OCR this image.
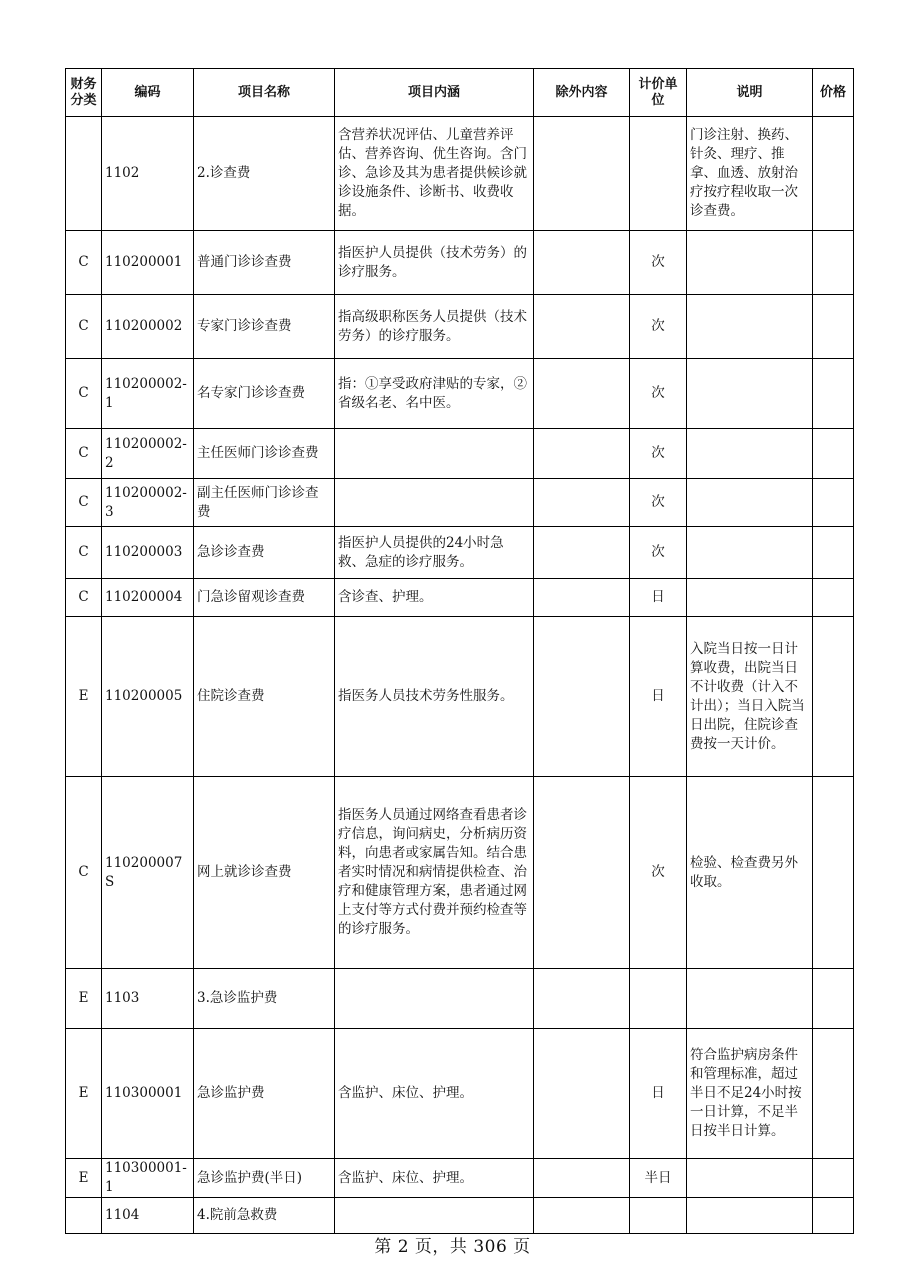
财务分类	编码	项目名称	项目内涵	除外内容	计价单位	说明	价格
	1102	2.诊查费	含营养状况评估、儿童营养评估、营养咨询、优生咨询。含门诊、急诊及其为患者提供候诊就诊设施条件、诊断书、收费收据。			门诊注射、换药、针灸、理疗、推拿、血透、放射治疗按疗程收取一次诊查费。	
C	110200001	普通门诊诊查费	指医护人员提供（技术劳务）的诊疗服务。		次		
C	110200002	专家门诊诊查费	指高级职称医务人员提供（技术劳务）的诊疗服务。		次		
C	110200002-1	名专家门诊诊查费	指：①享受政府津贴的专家，②省级名老、名中医。		次		
C	110200002-2	主任医师门诊诊查费			次		
C	110200002-3	副主任医师门诊诊查费			次		
C	110200003	急诊诊查费	指医护人员提供的24小时急救、急症的诊疗服务。		次		
C	110200004	门急诊留观诊查费	含诊查、护理。		日		
E	110200005	住院诊查费	指医务人员技术劳务性服务。		日	入院当日按一日计算收费，出院当日不计收费（计入不计出）；当日入院当日出院，住院诊查费按一天计价。	
C	110200007S	网上就诊诊查费	指医务人员通过网络查看患者诊疗信息，询问病史，分析病历资料，向患者或家属告知。结合患者实时情况和病情提供检查、治疗和健康管理方案，患者通过网上支付等方式付费并预约检查等的诊疗服务。		次	检验、检查费另外收取。	
E	1103	3.急诊监护费					
E	110300001	急诊监护费	含监护、床位、护理。		日	符合监护病房条件和管理标准，超过半日不足24小时按一日计算，不足半日按半日计算。	
E	110300001-1	急诊监护费(半日)	含监护、床位、护理。		半日		
	1104	4.院前急救费					
第 2 页，共 306 页
